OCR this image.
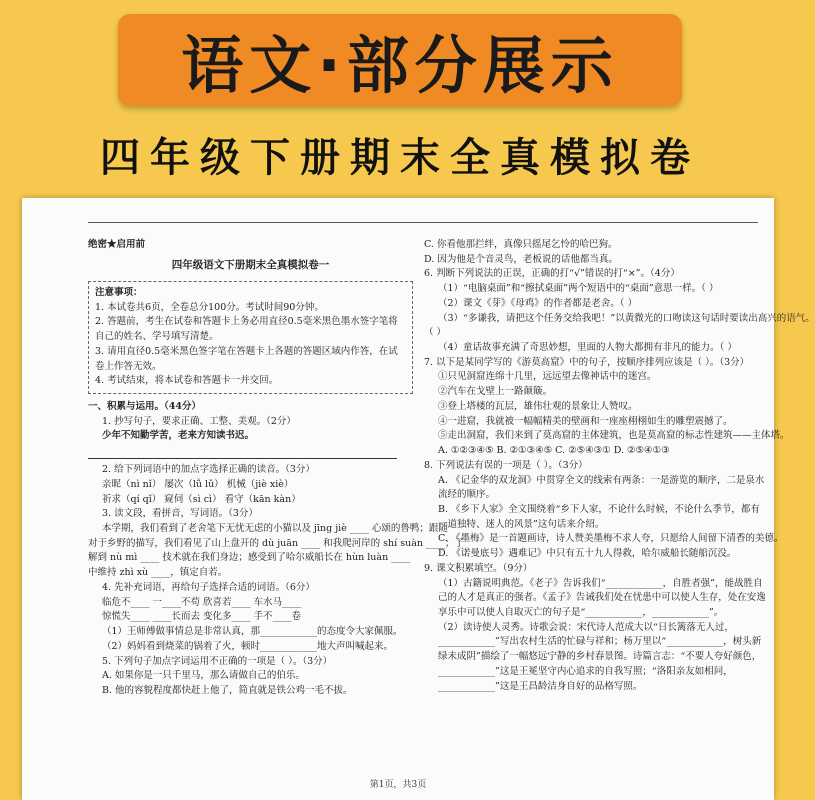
语文·部分展示
四年级下册期末全真模拟卷
绝密★启用前
四年级语文下册期末全真模拟卷一
注意事项：
1. 本试卷共6页，全卷总分100分。考试时间90分钟。
2. 答题前，考生在试卷和答题卡上务必用直径0.5毫米黑色墨水签字笔将自己的姓名、学号填写清楚。
3. 请用直径0.5毫米黑色签字笔在答题卡上各题的答题区域内作答，在试卷上作答无效。
4. 考试结束，将本试卷和答题卡一并交回。
一、积累与运用。（44分）
1. 抄写句子，要求正确、工整、美观。（2分）
少年不知勤学苦，老来方知读书迟。
2. 给下列词语中的加点字选择正确的读音。（3分）
亲昵（nì nǐ） 屡次（lǚ lǔ） 机械（jiè xiè）
祈求（qí qǐ） 窥伺（sì cì） 看守（kān kàn）
3. 读文段，看拼音，写词语。（3分）
本学期，我们看到了老舍笔下无忧无虑的小猫以及 jīng jiè ____ 心颂的鲁鸭；跟随
对于乡野的描写，我们看见了山上盘开的 dù juān ____ 和我爬河岸的 shí suàn ____；了
解到 nù mì ____ 技术就在我们身边；感受到了哈尔威船长在 hùn luàn ____
中维持 zhì xù ____，镇定自若。
4. 先补充词语，再给句子选择合适的词语。（6分）
临危不____ 一____不苟 欣喜若____ 车水马____
惊慌失____ ____长而去 变化多____ 手不____卷
（1）王师傅做事情总是非常认真，那____________的态度令大家佩服。
（2）妈妈看到烧菜的锅着了火，顿时____________地大声叫喊起来。
5. 下列句子加点字词运用不正确的一项是（ ）。（3分）
A. 如果你是一只千里马，那么请做自己的伯乐。
B. 他的容貌程度都快赶上他了，简直就是铁公鸡一毛不拔。
C. 你看他那拦绊，真像只摇尾乞怜的哈巴狗。
D. 因为他是个音灵鸟，老板说的话他都当真。
6. 判断下列说法的正误，正确的打“√”错误的打“×”。（4分）
（1）“电脑桌面”和“擦拭桌面”两个短语中的“桌面”意思一样。（ ）
（2）课文《芽》《母鸡》的作者都是老舍。（ ）
（3）“多谦我，请把这个任务交给我吧！”以黄微光的口吻读这句话时要读出高兴的语气。
（ ）
（4）童话故事充满了奇思妙想，里面的人物大都拥有非凡的能力。（ ）
7. 以下是某同学写的《游莫高窟》中的句子，按顺序排列应该是（ ）。（3分）
①只见洞窟连绵十几里，远远望去像神话中的迷宫。
②汽车在戈壁上一路颠簸。
③登上塔楼的瓦层，雄伟壮观的景象让人赞叹。
④一进窟，我就被一幅幅精美的壁画和一座座栩栩如生的雕塑震撼了。
⑤走出洞窟，我们来到了莫高窟的主体建筑，也是莫高窟的标志性建筑——主体塔。
A. ①②③④⑤ B. ②①③④⑤ C. ②⑤④③① D. ②⑤④①③
8. 下列说法有误的一项是（ ）。（3分）
A. 《记金华的双龙洞》中贯穿全文的线索有两条：一是游览的顺序，二是泉水流经的顺序。
B. 《乡下人家》全文围绕着“乡下人家，不论什么时候，不论什么季节，都有一道独特、迷人的风景”这句话来介绍。
C. 《墨梅》是一首题画诗，诗人赞美墨梅不求人夸，只愿给人间留下清香的美德。
D. 《诺曼底号》遇难记》中只有五十九人得救，哈尔威船长随船沉没。
9. 课文积累填空。（9分）
（1）古籍说明典范。《老子》告诉我们“____________，自胜者强”，能战胜自己的人才是真正的强者。《孟子》告诫我们处在忧患中可以使人生存，处在安逸享乐中可以使人自取灭亡的句子是“____________，____________”。
（2）读诗使人灵秀。诗歌会说：宋代诗人范成大以“日长篱落无人过，____________”写出农村生活的忙碌与祥和；杨万里以“____________，树头新绿未成阴”描绘了一幅悠远宁静的乡村春景图。诗篇言志：“不要人夸好颜色，____________”这是王冕坚守内心追求的自我写照；“洛阳亲友如相问，____________”这是王昌龄洁身自好的品格写照。
第1页，共3页
